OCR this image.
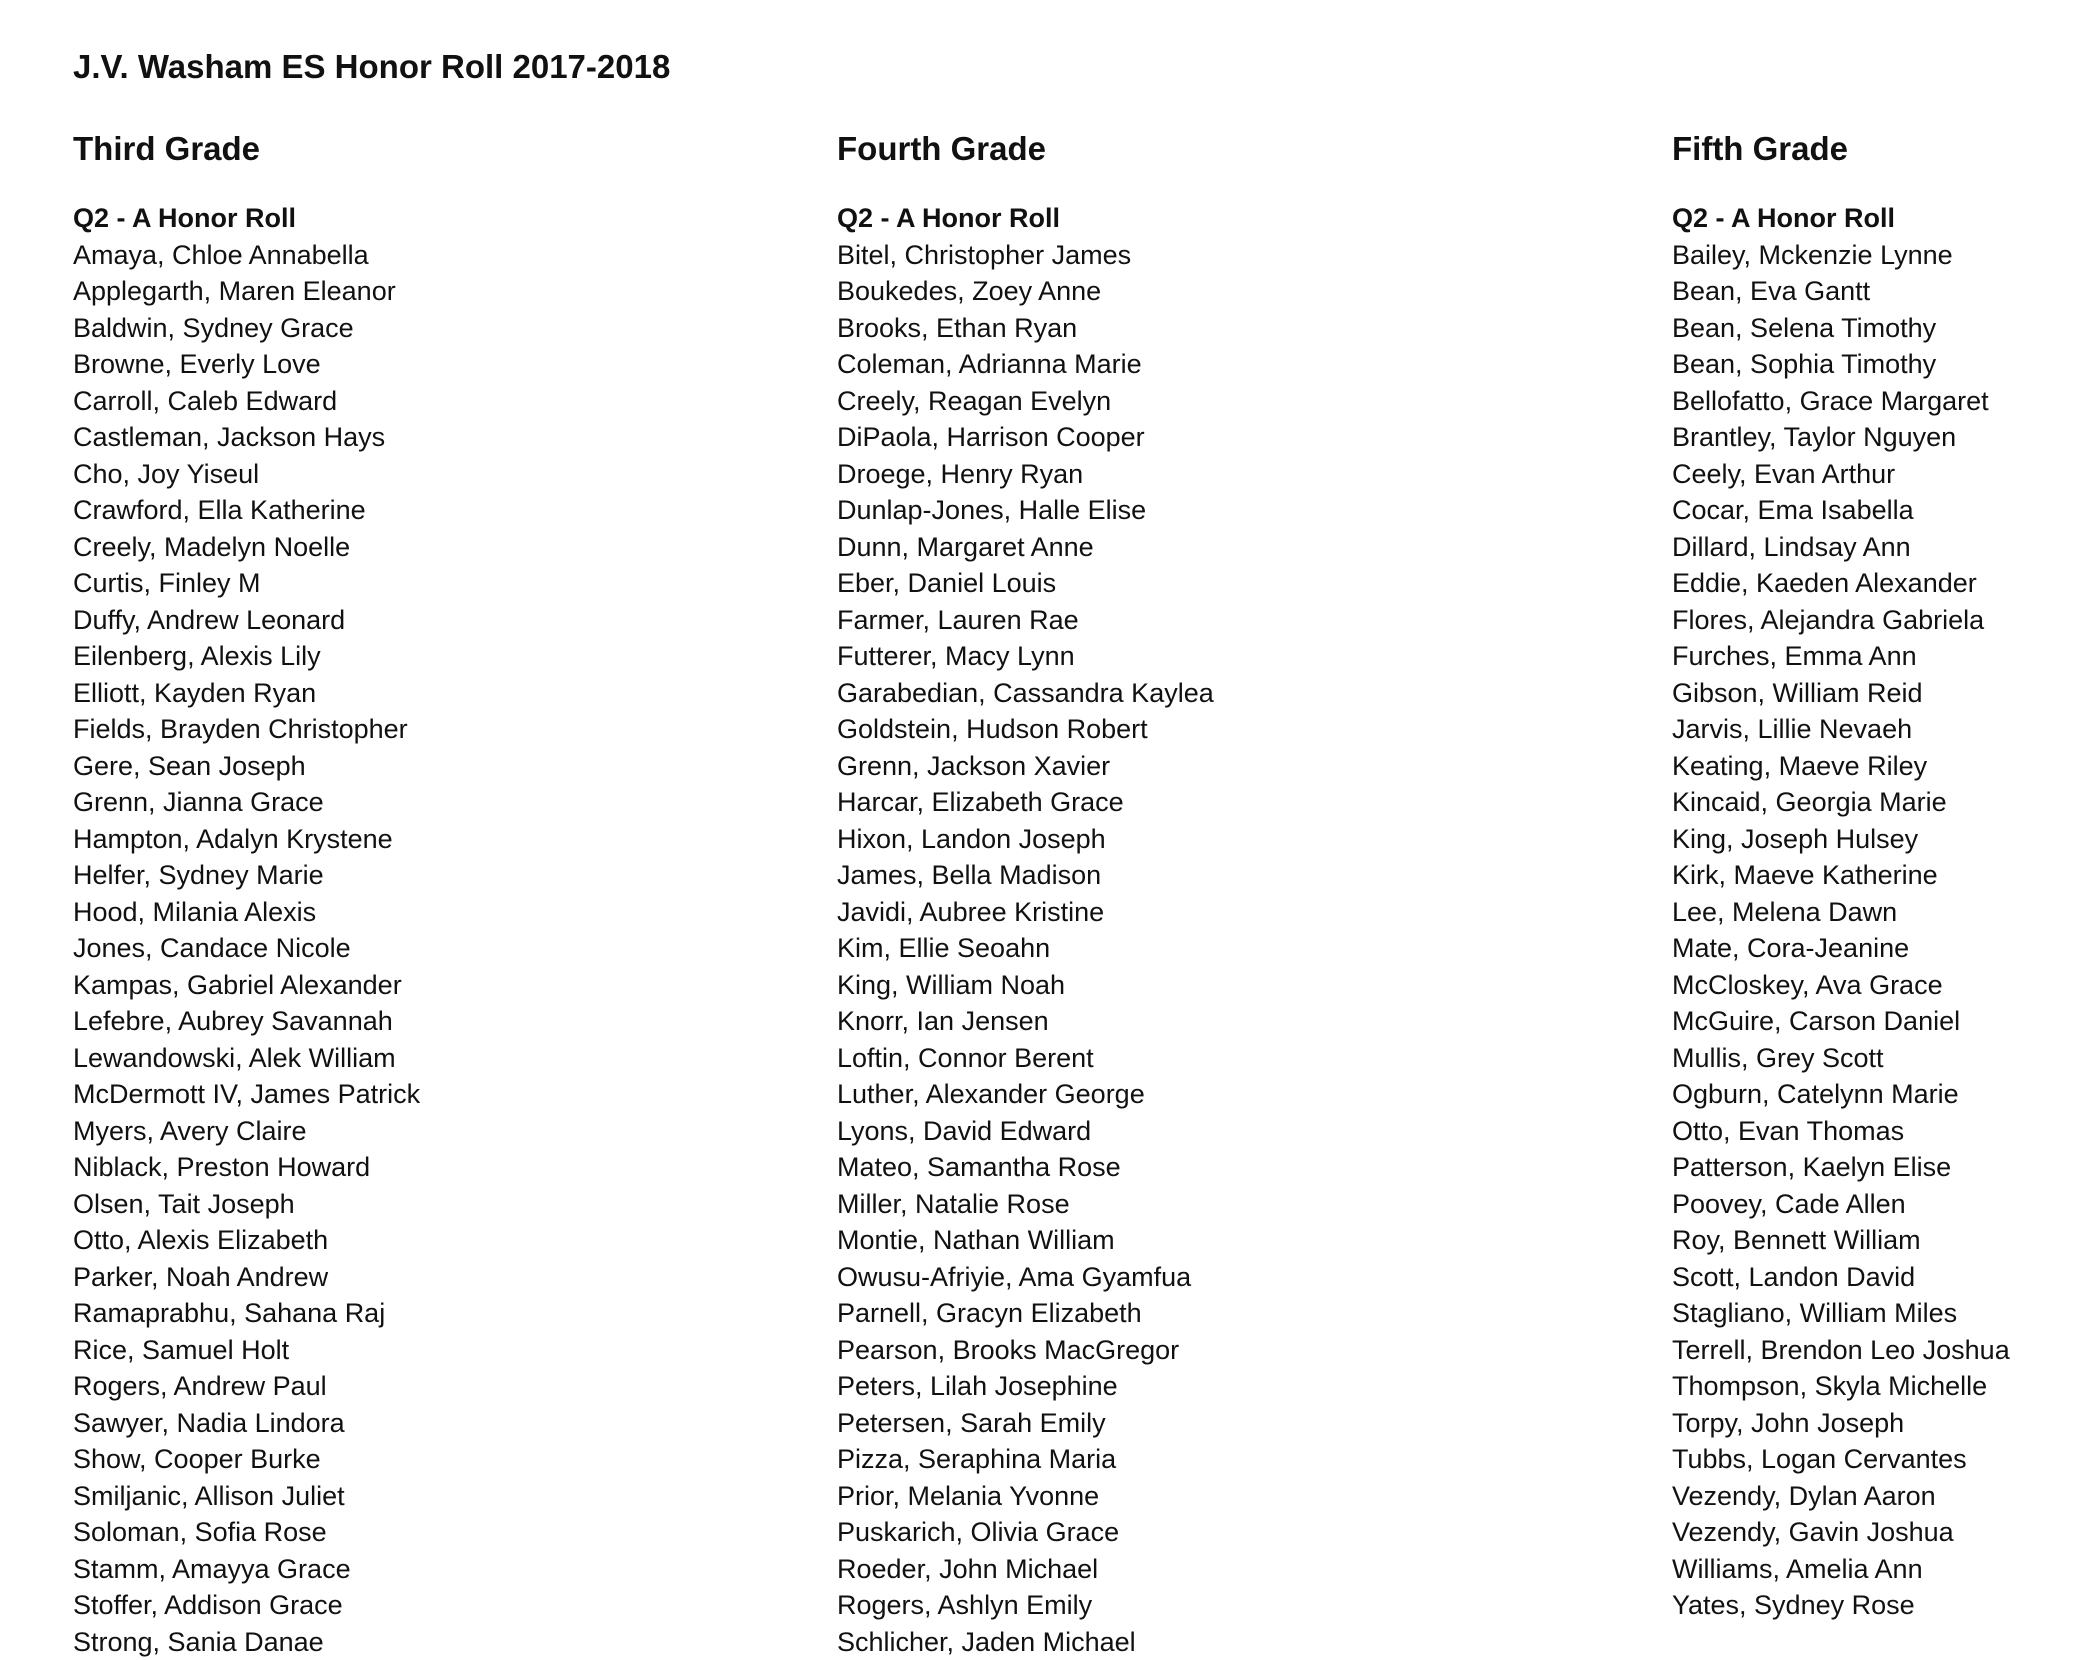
J.V. Washam ES Honor Roll 2017-2018
Third Grade
Q2 - A Honor Roll
Amaya, Chloe Annabella
Applegarth, Maren Eleanor
Baldwin, Sydney Grace
Browne, Everly Love
Carroll, Caleb Edward
Castleman, Jackson Hays
Cho, Joy Yiseul
Crawford, Ella Katherine
Creely, Madelyn Noelle
Curtis, Finley M
Duffy, Andrew Leonard
Eilenberg, Alexis Lily
Elliott, Kayden Ryan
Fields, Brayden Christopher
Gere, Sean Joseph
Grenn, Jianna Grace
Hampton, Adalyn Krystene
Helfer, Sydney Marie
Hood, Milania Alexis
Jones, Candace Nicole
Kampas, Gabriel Alexander
Lefebre, Aubrey Savannah
Lewandowski, Alek William
McDermott IV, James Patrick
Myers, Avery Claire
Niblack, Preston Howard
Olsen, Tait Joseph
Otto, Alexis Elizabeth
Parker, Noah Andrew
Ramaprabhu, Sahana Raj
Rice, Samuel Holt
Rogers, Andrew Paul
Sawyer, Nadia Lindora
Show, Cooper Burke
Smiljanic, Allison Juliet
Soloman, Sofia Rose
Stamm, Amayya Grace
Stoffer, Addison Grace
Strong, Sania Danae
Fourth Grade
Q2 - A Honor Roll
Bitel, Christopher James
Boukedes, Zoey Anne
Brooks, Ethan Ryan
Coleman, Adrianna Marie
Creely, Reagan Evelyn
DiPaola, Harrison Cooper
Droege, Henry Ryan
Dunlap-Jones, Halle Elise
Dunn, Margaret Anne
Eber, Daniel Louis
Farmer, Lauren Rae
Futterer, Macy Lynn
Garabedian, Cassandra Kaylea
Goldstein, Hudson Robert
Grenn, Jackson Xavier
Harcar, Elizabeth Grace
Hixon, Landon Joseph
James, Bella Madison
Javidi, Aubree Kristine
Kim, Ellie Seoahn
King, William Noah
Knorr, Ian Jensen
Loftin, Connor Berent
Luther, Alexander George
Lyons, David Edward
Mateo, Samantha Rose
Miller, Natalie Rose
Montie, Nathan William
Owusu-Afriyie, Ama Gyamfua
Parnell, Gracyn Elizabeth
Pearson, Brooks MacGregor
Peters, Lilah Josephine
Petersen, Sarah Emily
Pizza, Seraphina Maria
Prior, Melania Yvonne
Puskarich, Olivia Grace
Roeder, John Michael
Rogers, Ashlyn Emily
Schlicher, Jaden Michael
Fifth Grade
Q2 - A Honor Roll
Bailey, Mckenzie Lynne
Bean, Eva Gantt
Bean, Selena Timothy
Bean, Sophia Timothy
Bellofatto, Grace Margaret
Brantley, Taylor Nguyen
Ceely, Evan Arthur
Cocar, Ema Isabella
Dillard, Lindsay Ann
Eddie, Kaeden Alexander
Flores, Alejandra Gabriela
Furches, Emma Ann
Gibson, William Reid
Jarvis, Lillie Nevaeh
Keating, Maeve Riley
Kincaid, Georgia Marie
King, Joseph Hulsey
Kirk, Maeve Katherine
Lee, Melena Dawn
Mate, Cora-Jeanine
McCloskey, Ava Grace
McGuire, Carson Daniel
Mullis, Grey Scott
Ogburn, Catelynn Marie
Otto, Evan Thomas
Patterson, Kaelyn Elise
Poovey, Cade Allen
Roy, Bennett William
Scott, Landon David
Stagliano, William Miles
Terrell, Brendon Leo Joshua
Thompson, Skyla Michelle
Torpy, John Joseph
Tubbs, Logan Cervantes
Vezendy, Dylan Aaron
Vezendy, Gavin Joshua
Williams, Amelia Ann
Yates, Sydney Rose
